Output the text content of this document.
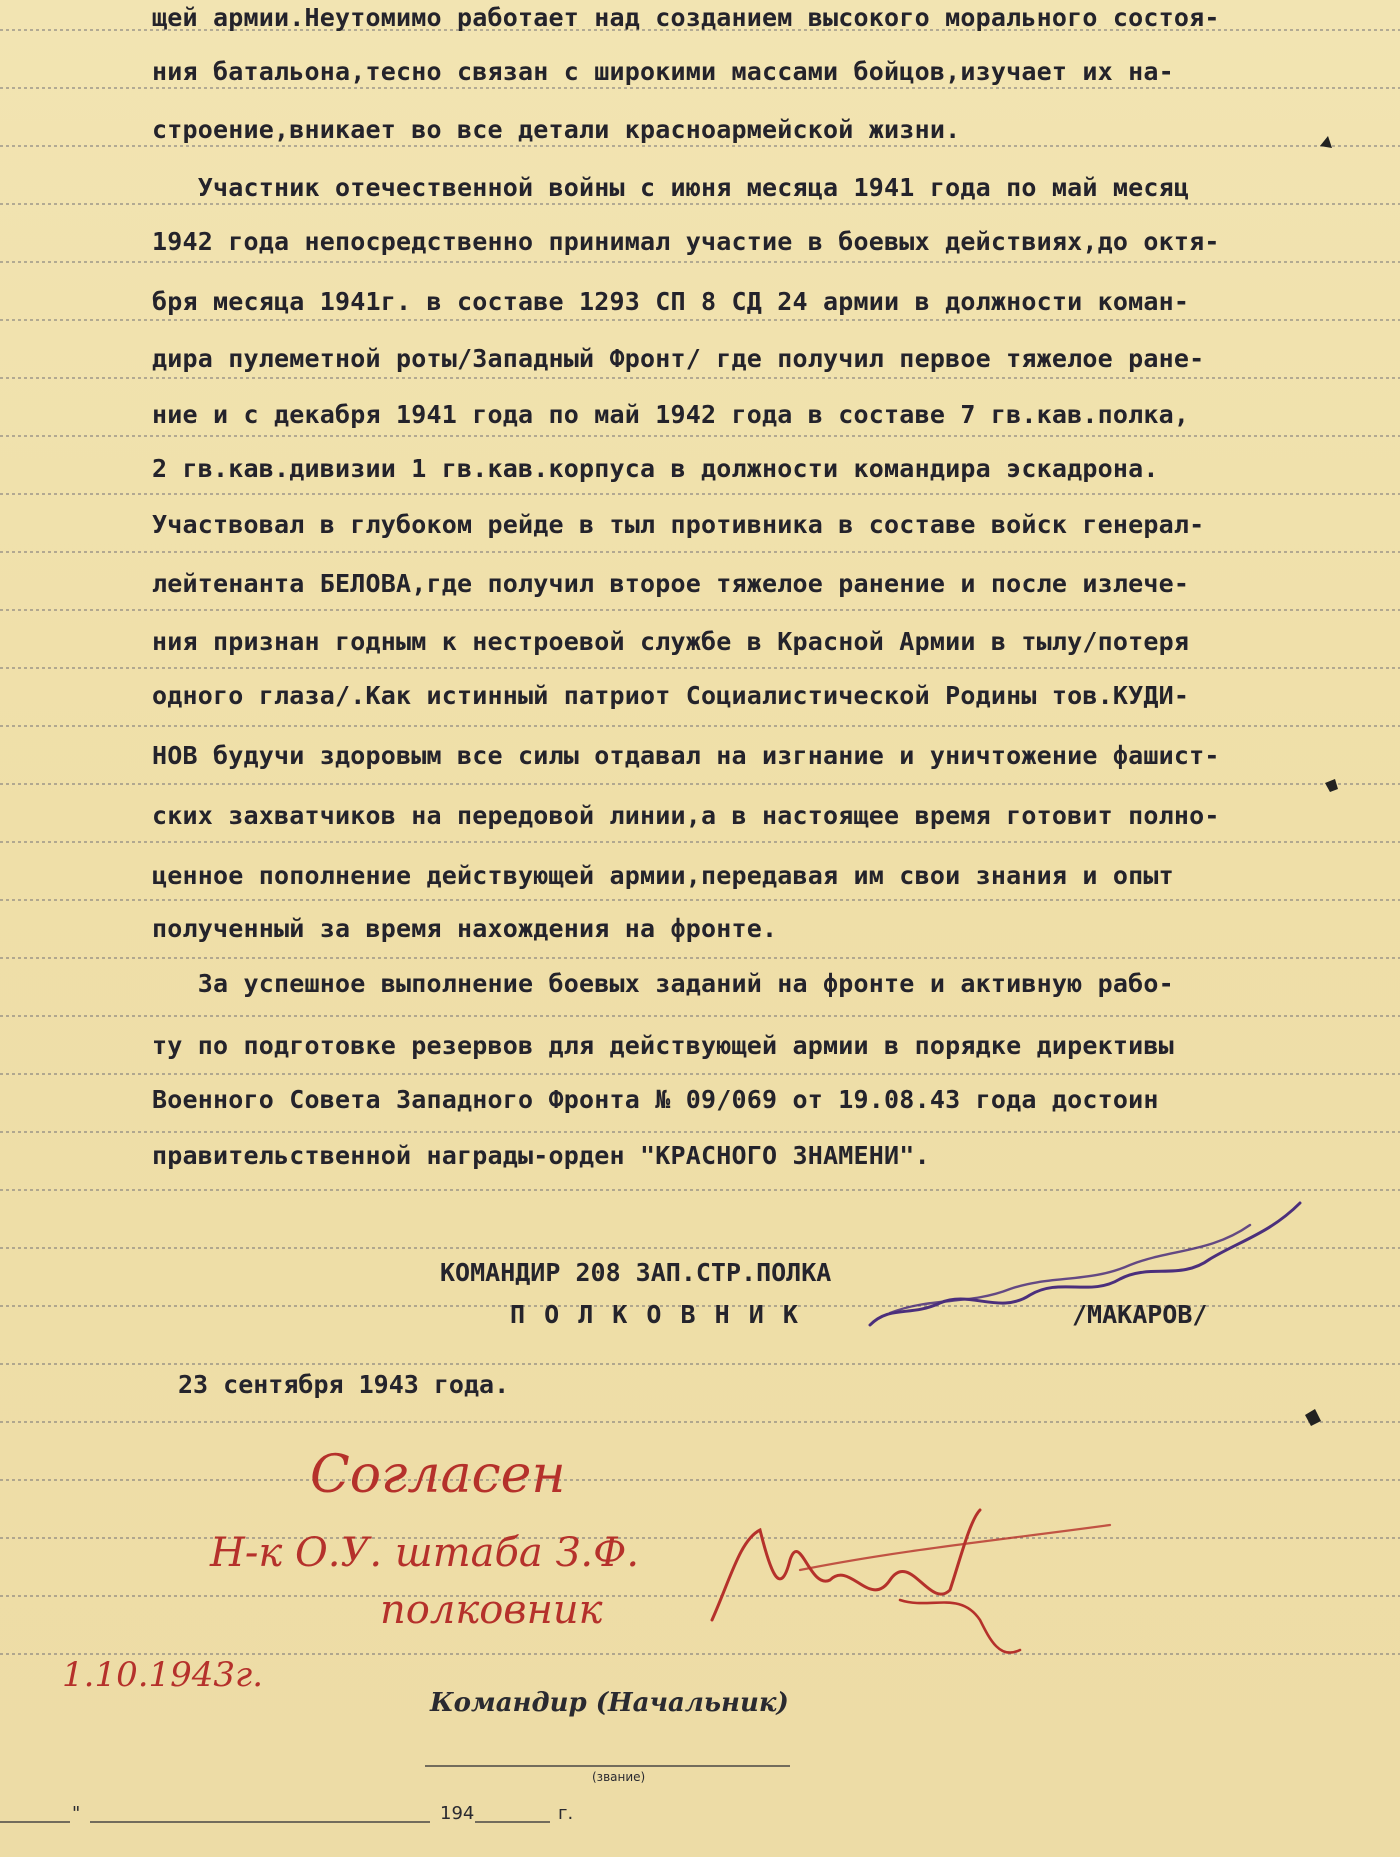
щей армии.Неутомимо работает над созданием высокого морального состоя-
ния батальона,тесно связан с широкими массами бойцов,изучает их на-
строение,вникает во все детали красноармейской жизни.
Участник отечественной войны с июня месяца 1941 года по май месяц
1942 года непосредственно принимал участие в боевых действиях,до октя-
бря месяца 1941г. в составе 1293 СП 8 СД 24 армии в должности коман-
дира пулеметной роты/Западный Фронт/ где получил первое тяжелое ране-
ние и с декабря 1941 года по май 1942 года в составе 7 гв.кав.полка,
2 гв.кав.дивизии 1 гв.кав.корпуса в должности командира эскадрона.
Участвовал в глубоком рейде в тыл противника в составе войск генерал-
лейтенанта БЕЛОВА,где получил второе тяжелое ранение и после излече-
ния признан годным к нестроевой службе в Красной Армии в тылу/потеря
одного глаза/.Как истинный патриот Социалистической Родины тов.КУДИ-
НОВ будучи здоровым все силы отдавал на изгнание и уничтожение фашист-
ских захватчиков на передовой линии,а в настоящее время готовит полно-
ценное пополнение действующей армии,передавая им свои знания и опыт
полученный за время нахождения на фронте.
За успешное выполнение боевых заданий на фронте и активную рабо-
ту по подготовке резервов для действующей армии в порядке директивы
Военного Совета Западного Фронта № 09/069 от 19.08.43 года достоин
правительственной награды-орден "КРАСНОГО ЗНАМЕНИ".
КОМАНДИР 208 ЗАП.СТР.ПОЛКА
П О Л К О В Н И К	/МАКАРОВ/
23 сентября 1943 года.
Согласен
Н-к О.У. штаба З.Ф.
полковник
1.10.1943г.
Командир (Начальник)
(звание)
"	194	г.
